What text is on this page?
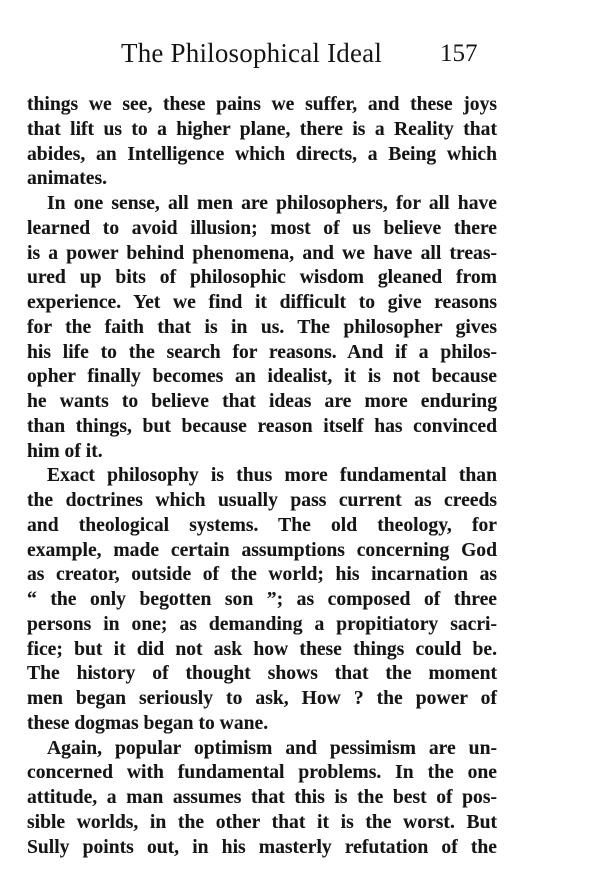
The Philosophical Ideal 157
things we see, these pains we suffer, and these joys
that lift us to a higher plane, there is a Reality that
abides, an Intelligence which directs, a Being which
animates.
In one sense, all men are philosophers, for all have
learned to avoid illusion; most of us believe there
is a power behind phenomena, and we have all treas-
ured up bits of philosophic wisdom gleaned from
experience. Yet we find it difficult to give reasons
for the faith that is in us. The philosopher gives
his life to the search for reasons. And if a philos-
opher finally becomes an idealist, it is not because
he wants to believe that ideas are more enduring
than things, but because reason itself has convinced
him of it.
Exact philosophy is thus more fundamental than
the doctrines which usually pass current as creeds
and theological systems. The old theology, for
example, made certain assumptions concerning God
as creator, outside of the world; his incarnation as
“ the only begotten son ”; as composed of three
persons in one; as demanding a propitiatory sacri-
fice; but it did not ask how these things could be.
The history of thought shows that the moment
men began seriously to ask, How ? the power of
these dogmas began to wane.
Again, popular optimism and pessimism are un-
concerned with fundamental problems. In the one
attitude, a man assumes that this is the best of pos-
sible worlds, in the other that it is the worst. But
Sully points out, in his masterly refutation of the
